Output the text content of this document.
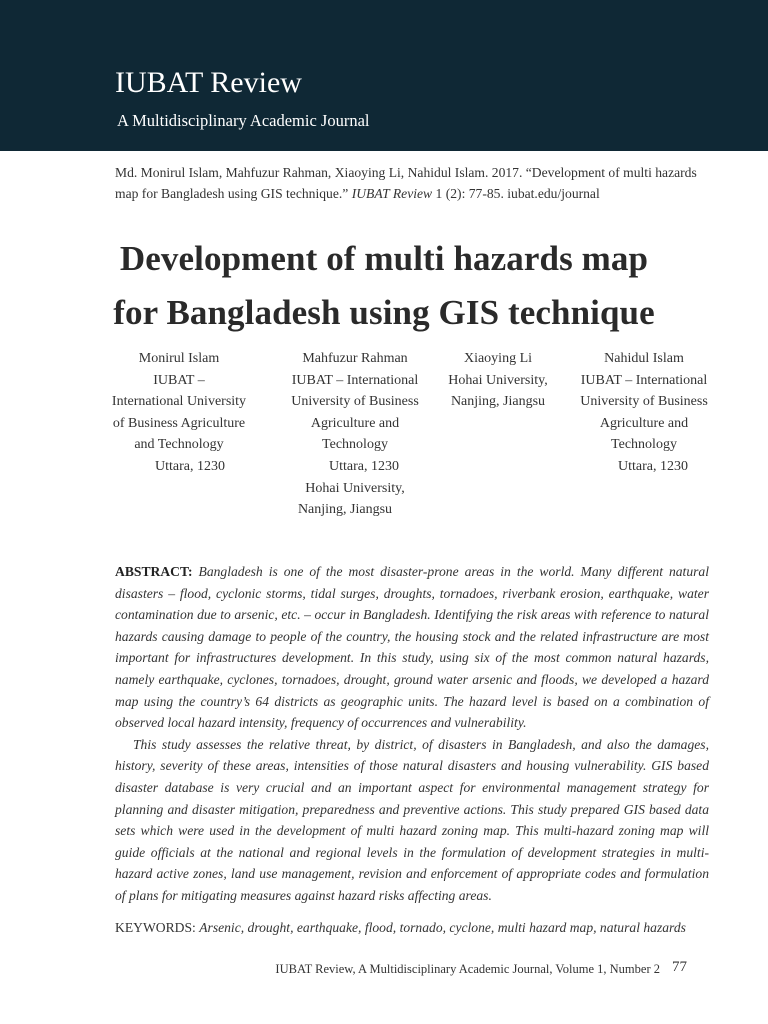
IUBAT Review
A Multidisciplinary Academic Journal
Md. Monirul Islam, Mahfuzur Rahman, Xiaoying Li, Nahidul Islam. 2017. “Development of multi hazards map for Bangladesh using GIS technique.” IUBAT Review 1 (2): 77-85. iubat.edu/journal
Development of multi hazards map
for Bangladesh using GIS technique
Monirul Islam
IUBAT –
International University
of Business Agriculture
and Technology
Uttara, 1230
Mahfuzur Rahman
IUBAT – International
University of Business
Agriculture and
Technology
Uttara, 1230
Hohai University,
Nanjing, Jiangsu
Xiaoying Li
Hohai University,
Nanjing, Jiangsu
Nahidul Islam
IUBAT – International
University of Business
Agriculture and
Technology
Uttara, 1230

ABSTRACT: Bangladesh is one of the most disaster-prone areas in the world. Many different natural disasters – flood, cyclonic storms, tidal surges, droughts, tornadoes, riverbank erosion, earthquake, water contamination due to arsenic, etc. – occur in Bangladesh. Identifying the risk areas with reference to natural hazards causing damage to people of the country, the housing stock and the related infrastructure are most important for infrastructures development. In this study, using six of the most common natural hazards, namely earthquake, cyclones, tornadoes, drought, ground water arsenic and floods, we developed a hazard map using the country’s 64 districts as geographic units. The hazard level is based on a combination of observed local hazard intensity, frequency of occurrences and vulnerability.

This study assesses the relative threat, by district, of disasters in Bangladesh, and also the damages, history, severity of these areas, intensities of those natural disasters and housing vulnerability. GIS based disaster database is very crucial and an important aspect for environmental management strategy for planning and disaster mitigation, preparedness and preventive actions. This study prepared GIS based data sets which were used in the development of multi hazard zoning map. This multi-hazard zoning map will guide officials at the national and regional levels in the formulation of development strategies in multi-hazard active zones, land use management, revision and enforcement of appropriate codes and formulation of plans for mitigating measures against hazard risks affecting areas.

KEYWORDS: Arsenic, drought, earthquake, flood, tornado, cyclone, multi hazard map, natural hazards
IUBAT Review, A Multidisciplinary Academic Journal, Volume 1, Number 2 77
